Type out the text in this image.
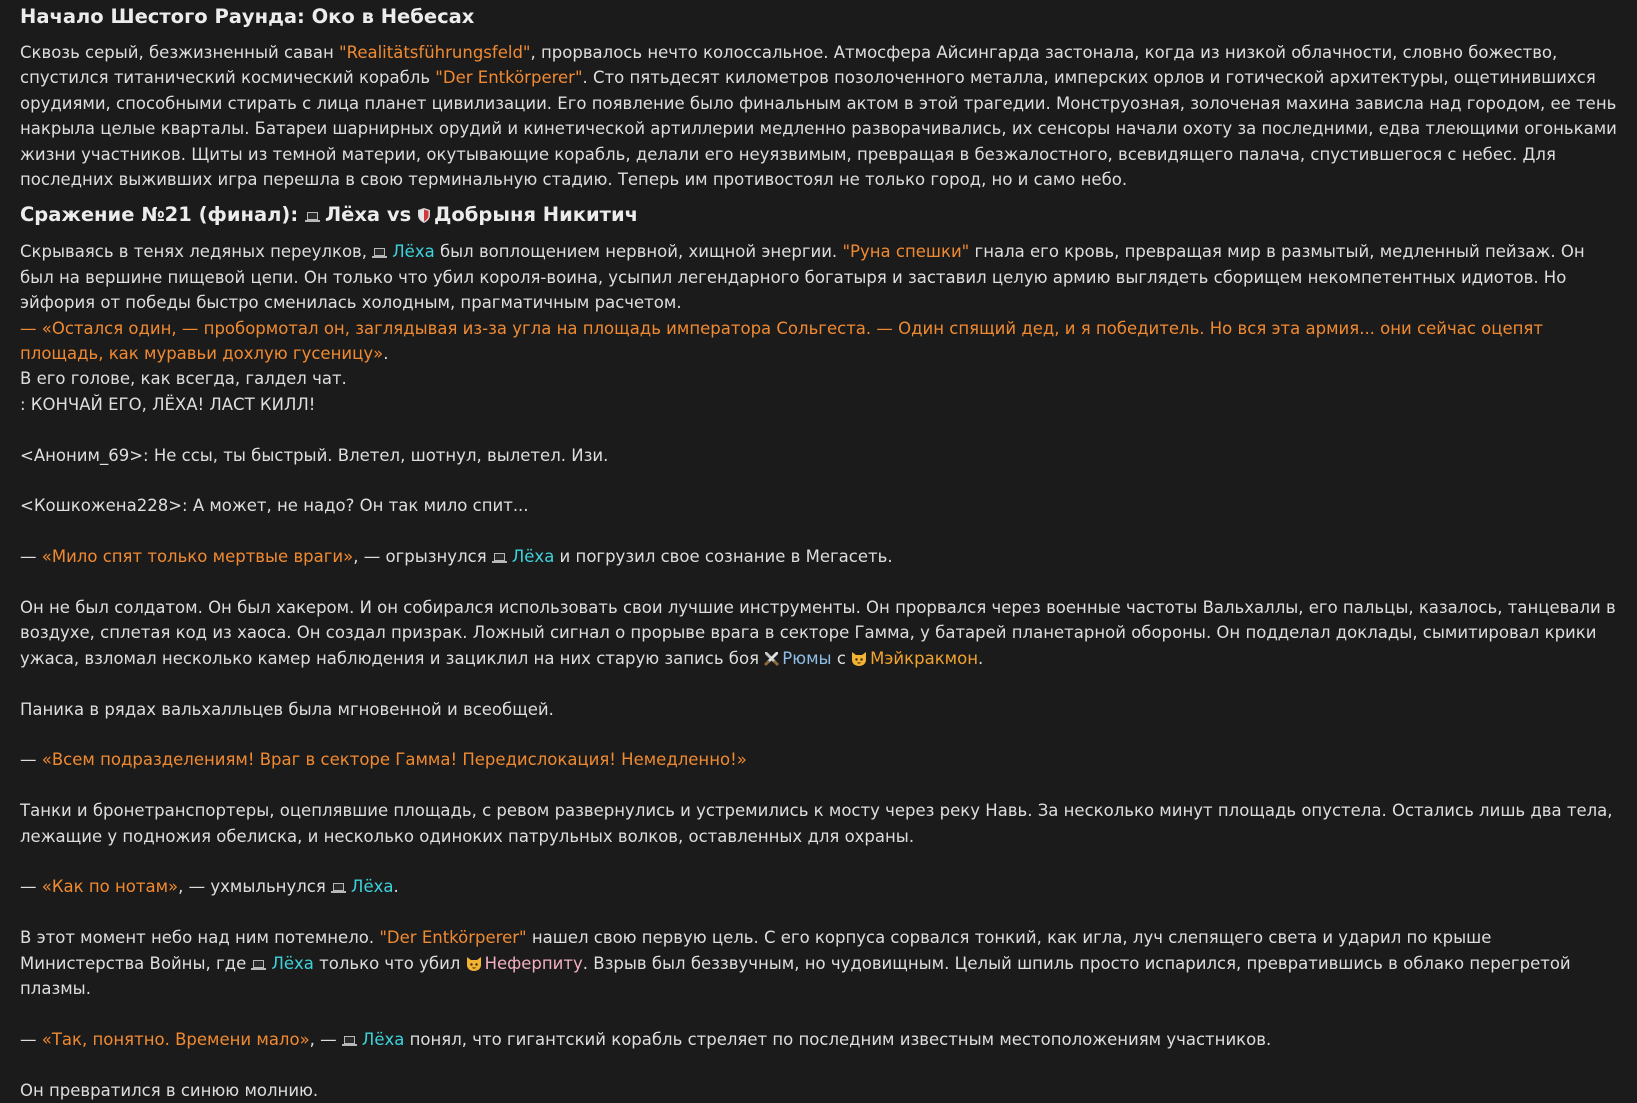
Начало Шестого Раунда: Око в Небесах

Сквозь серый, безжизненный саван "Realitätsführungsfeld", прорвалось нечто колоссальное. Атмосфера Айсингарда застонала, когда из низкой облачности, словно божество, спустился титанический космический корабль "Der Entkörperer". Сто пятьдесят километров позолоченного металла, имперских орлов и готической архитектуры, ощетинившихся орудиями, способными стирать с лица планет цивилизации. Его появление было финальным актом в этой трагедии. Монструозная, золоченая махина зависла над городом, ее тень накрыла целые кварталы. Батареи шарнирных орудий и кинетической артиллерии медленно разворачивались, их сенсоры начали охоту за последними, едва тлеющими огоньками жизни участников. Щиты из темной материи, окутывающие корабль, делали его неуязвимым, превращая в безжалостного, всевидящего палача, спустившегося с небес. Для последних выживших игра перешла в свою терминальную стадию. Теперь им противостоял не только город, но и само небо.

Сражение №21 (финал): Лёха vs Добрыня Никитич

Скрываясь в тенях ледяных переулков, Лёха был воплощением нервной, хищной энергии. "Руна спешки" гнала его кровь, превращая мир в размытый, медленный пейзаж. Он был на вершине пищевой цепи. Он только что убил короля-воина, усыпил легендарного богатыря и заставил целую армию выглядеть сборищем некомпетентных идиотов. Но эйфория от победы быстро сменилась холодным, прагматичным расчетом.

— «Остался один, — пробормотал он, заглядывая из-за угла на площадь императора Сольгеста. — Один спящий дед, и я победитель. Но вся эта армия... они сейчас оцепят площадь, как муравьи дохлую гусеницу».

В его голове, как всегда, галдел чат.

: КОНЧАЙ ЕГО, ЛЁХА! ЛАСТ КИЛЛ!

<Аноним_69>: Не ссы, ты быстрый. Влетел, шотнул, вылетел. Изи.

<Кошкожена228>: А может, не надо? Он так мило спит...

— «Мило спят только мертвые враги», — огрызнулся Лёха и погрузил свое сознание в Мегасеть.

Он не был солдатом. Он был хакером. И он собирался использовать свои лучшие инструменты. Он прорвался через военные частоты Вальхаллы, его пальцы, казалось, танцевали в воздухе, сплетая код из хаоса. Он создал призрак. Ложный сигнал о прорыве врага в секторе Гамма, у батарей планетарной обороны. Он подделал доклады, сымитировал крики ужаса, взломал несколько камер наблюдения и зациклил на них старую запись боя Рюмы с Мэйкракмон.

Паника в рядах вальхалльцев была мгновенной и всеобщей.

— «Всем подразделениям! Враг в секторе Гамма! Передислокация! Немедленно!»

Танки и бронетранспортеры, оцеплявшие площадь, с ревом развернулись и устремились к мосту через реку Навь. За несколько минут площадь опустела. Остались лишь два тела, лежащие у подножия обелиска, и несколько одиноких патрульных волков, оставленных для охраны.

— «Как по нотам», — ухмыльнулся Лёха.

В этот момент небо над ним потемнело. "Der Entkörperer" нашел свою первую цель. С его корпуса сорвался тонкий, как игла, луч слепящего света и ударил по крыше Министерства Войны, где Лёха только что убил Неферпиту. Взрыв был беззвучным, но чудовищным. Целый шпиль просто испарился, превратившись в облако перегретой плазмы.

— «Так, понятно. Времени мало», — Лёха понял, что гигантский корабль стреляет по последним известным местоположениям участников.

Он превратился в синюю молнию.
